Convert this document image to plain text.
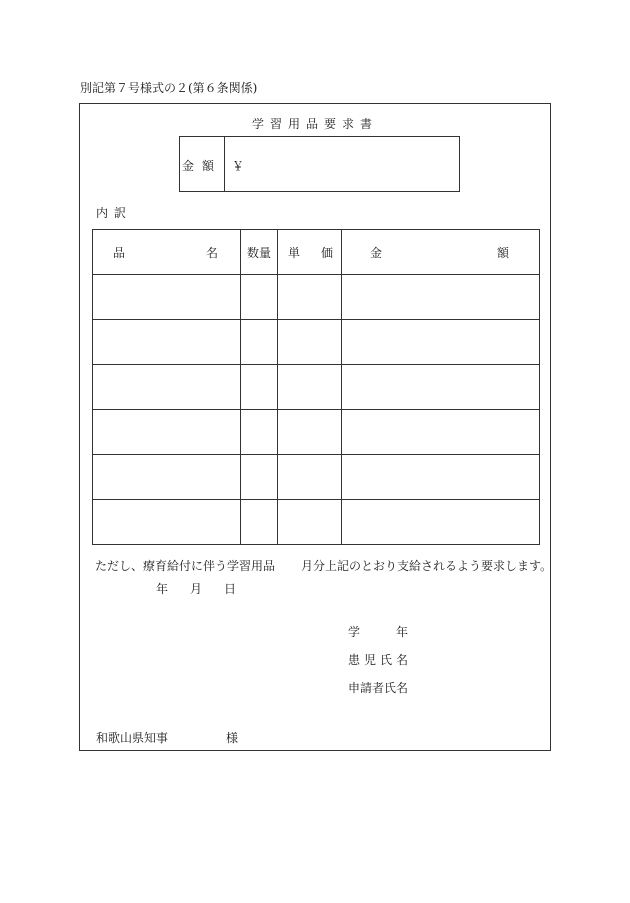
別記第７号様式の２(第６条関係)
学習用品要求書
金額 ￥
内訳
品 名	数量	単 価	金 額

ただし、療育給付に伴う学習用品 月分上記のとおり支給されるよう要求します。
年 月 日
学	年
患児氏名
申請者氏名
和歌山県知事	様
